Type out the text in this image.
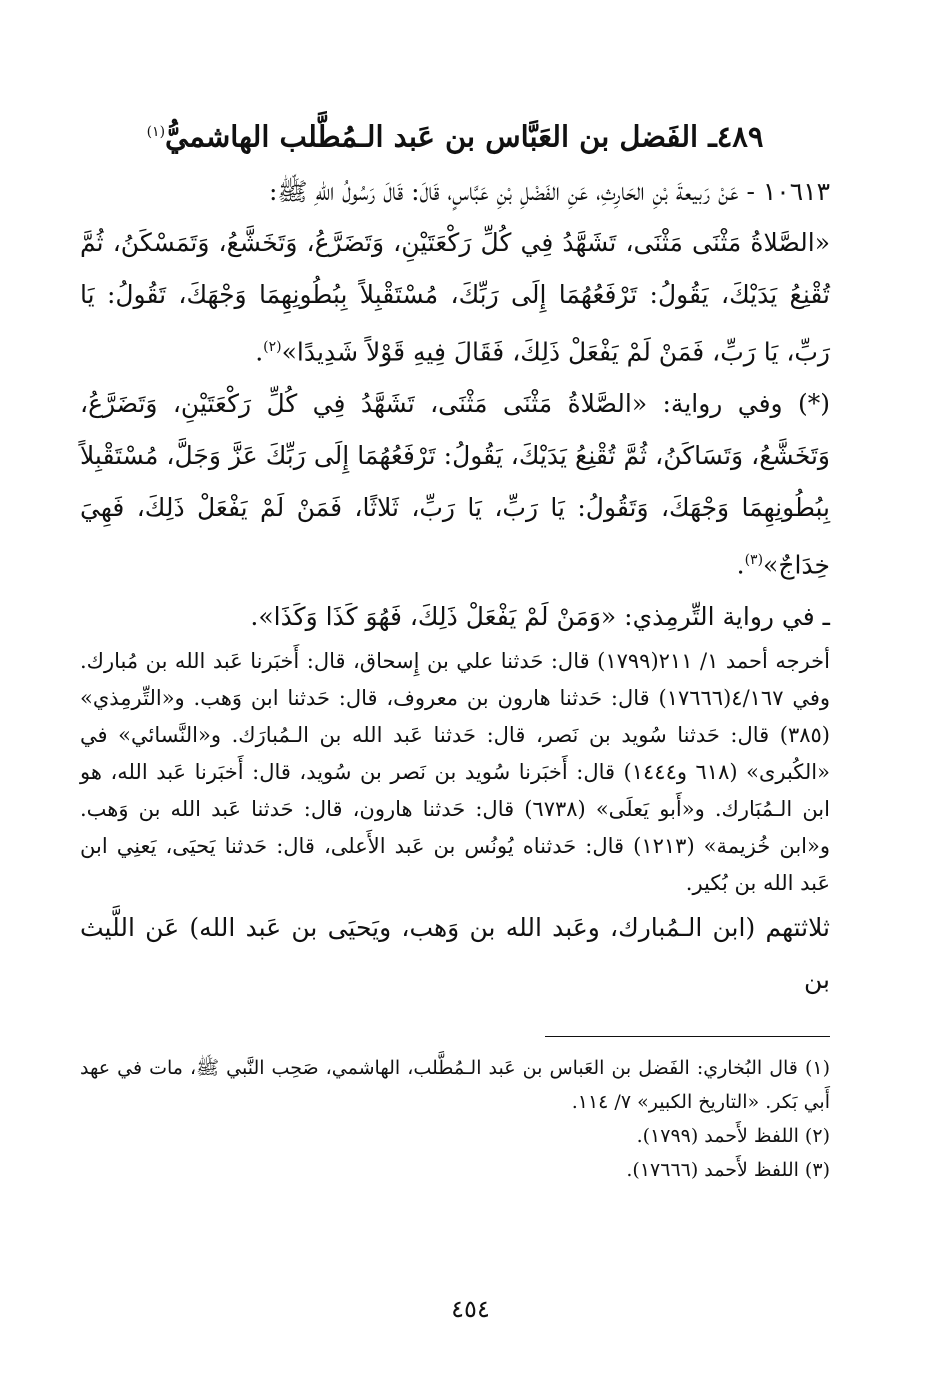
٤٨٩ـ الفَضل بن العَبَّاس بن عَبد الـمُطَّلب الهاشميُّ$^{(١)}$

١٠٦١٣ - عَنْ رَبيعةَ بْنِ الحَارِثِ، عَنِ الفَضْلِ بْنِ عَبَّاسٍ، قَالَ: قَالَ رَسُولُ اللهِ ﷺ:

«الصَّلاةُ مَثْنَى مَثْنَى، تَشَهَّدُ فِي كُلِّ رَكْعَتَيْنِ، وَتَضَرَّعُ، وَتَخَشَّعُ، وَتَمَسْكَنُ، ثُمَّ تُقْنِعُ يَدَيْكَ، يَقُولُ: تَرْفَعُهُمَا إِلَى رَبِّكَ، مُسْتَقْبِلاً بِبُطُونِهِمَا وَجْهَكَ، تَقُولُ: يَا رَبِّ، يَا رَبِّ، فَمَنْ لَمْ يَفْعَلْ ذَلِكَ، فَقَالَ فِيهِ قَوْلاً شَدِيدًا»$^{(٢)}$.

(*) وفي رواية: «الصَّلاةُ مَثْنَى مَثْنَى، تَشَهَّدُ فِي كُلِّ رَكْعَتَيْنِ، وَتَضَرَّعُ، وَتَخَشَّعُ، وَتَسَاكَنُ، ثُمَّ تُقْنِعُ يَدَيْكَ، يَقُولُ: تَرْفَعُهُمَا إِلَى رَبِّكَ عَزَّ وَجَلَّ، مُسْتَقْبِلاً بِبُطُونِهِمَا وَجْهَكَ، وَتَقُولُ: يَا رَبِّ، يَا رَبِّ، ثَلاثًا، فَمَنْ لَمْ يَفْعَلْ ذَلِكَ، فَهِيَ خِدَاجٌ»$^{(٣)}$.

ـ في رواية التِّرمِذي: «وَمَنْ لَمْ يَفْعَلْ ذَلِكَ، فَهُوَ كَذَا وَكَذَا».

أخرجه أحمد ١/ ٢١١(١٧٩٩) قال: حَدثنا علي بن إِسحاق، قال: أَخبَرنا عَبد الله بن مُبارك. وفي ٤/١٦٧(١٧٦٦٦) قال: حَدثنا هارون بن معروف، قال: حَدثنا ابن وَهب. و«التِّرمِذي» (٣٨٥) قال: حَدثنا سُويد بن نَصر، قال: حَدثنا عَبد الله بن الـمُبارَك. و«النَّسائي» في «الكُبرى» (٦١٨ و١٤٤٤) قال: أَخبَرنا سُويد بن نَصر بن سُويد، قال: أَخبَرنا عَبد الله، هو ابن الـمُبَارك. و«أَبو يَعلَى» (٦٧٣٨) قال: حَدثنا هارون، قال: حَدثنا عَبد الله بن وَهب. و«ابن خُزيمة» (١٢١٣) قال: حَدثناه يُونُس بن عَبد الأَعلى، قال: حَدثنا يَحيَى، يَعنِي ابن عَبد الله بن بُكير.

ثلاثتهم (ابن الـمُبارك، وعَبد الله بن وَهب، ويَحيَى بن عَبد الله) عَن اللَّيث بن

(١) قال البُخاري: الفَضل بن العَباس بن عَبد الـمُطَّلب، الهاشمي، صَحِب النَّبي ﷺ، مات في عهد أَبي بَكر. «التاريخ الكبير» ٧/ ١١٤.

(٢) اللفظ لأَحمد (١٧٩٩).

(٣) اللفظ لأَحمد (١٧٦٦٦).

٤٥٤
